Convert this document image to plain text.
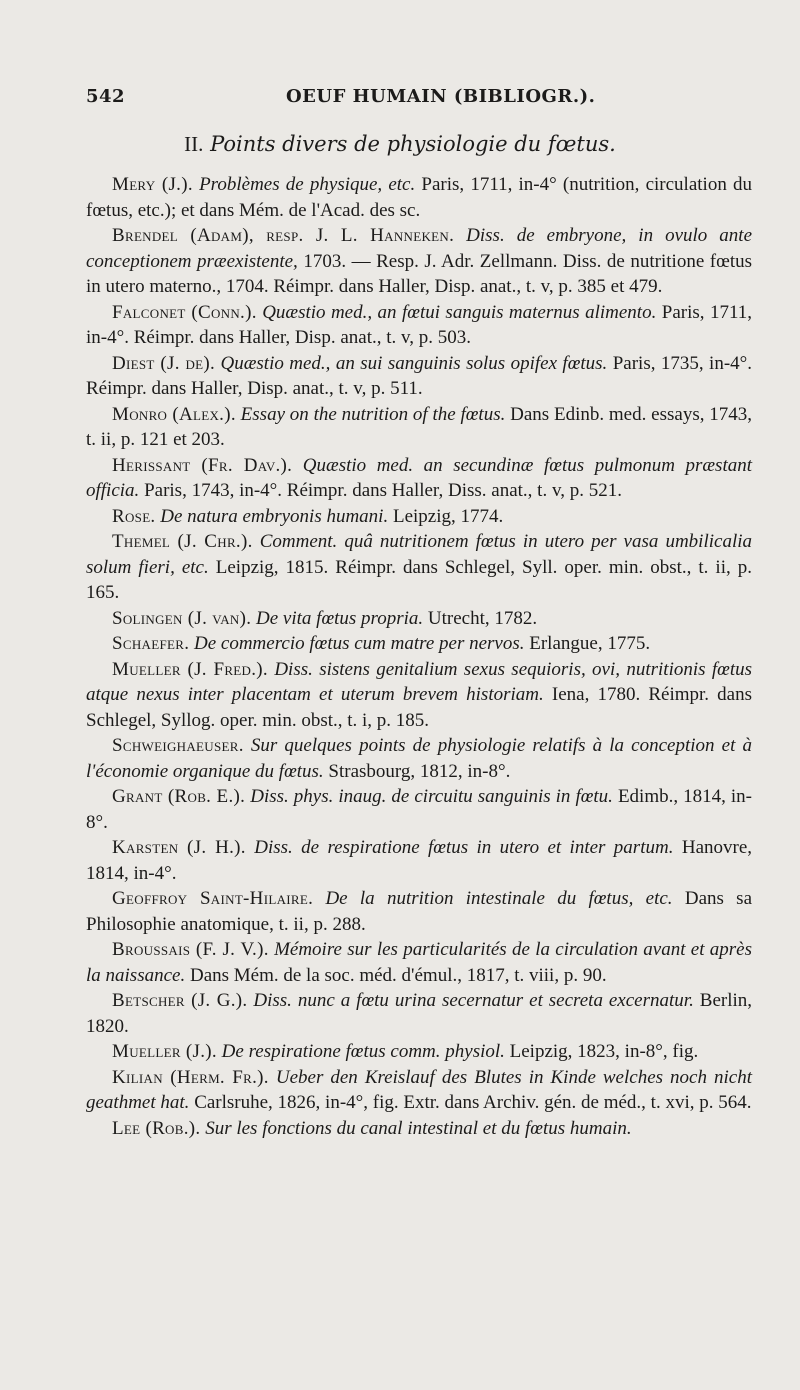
542	OEUF HUMAIN (BIBLIOGR.).
II. Points divers de physiologie du fœtus.

Mery (J.). Problèmes de physique, etc. Paris, 1711, in-4° (nutrition, circulation du fœtus, etc.); et dans Mém. de l'Acad. des sc.

Brendel (Adam), resp. J. L. Hanneken. Diss. de embryone, in ovulo ante conceptionem præexistente, 1703. — Resp. J. Adr. Zellmann. Diss. de nutritione fœtus in utero materno., 1704. Réimpr. dans Haller, Disp. anat., t. v, p. 385 et 479.

Falconet (Conn.). Quæstio med., an fœtui sanguis maternus alimento. Paris, 1711, in-4°. Réimpr. dans Haller, Disp. anat., t. v, p. 503.

Diest (J. de). Quæstio med., an sui sanguinis solus opifex fœtus. Paris, 1735, in-4°. Réimpr. dans Haller, Disp. anat., t. v, p. 511.

Monro (Alex.). Essay on the nutrition of the fœtus. Dans Edinb. med. essays, 1743, t. ii, p. 121 et 203.

Herissant (Fr. Dav.). Quæstio med. an secundinæ fœtus pulmonum præstant officia. Paris, 1743, in-4°. Réimpr. dans Haller, Diss. anat., t. v, p. 521.

Rose. De natura embryonis humani. Leipzig, 1774.

Themel (J. Chr.). Comment. quâ nutritionem fœtus in utero per vasa umbilicalia solum fieri, etc. Leipzig, 1815. Réimpr. dans Schlegel, Syll. oper. min. obst., t. ii, p. 165.

Solingen (J. van). De vita fœtus propria. Utrecht, 1782.

Schaefer. De commercio fœtus cum matre per nervos. Erlangue, 1775.

Mueller (J. Fred.). Diss. sistens genitalium sexus sequioris, ovi, nutritionis fœtus atque nexus inter placentam et uterum brevem historiam. Iena, 1780. Réimpr. dans Schlegel, Syllog. oper. min. obst., t. i, p. 185.

Schweighaeuser. Sur quelques points de physiologie relatifs à la conception et à l'économie organique du fœtus. Strasbourg, 1812, in-8°.

Grant (Rob. E.). Diss. phys. inaug. de circuitu sanguinis in fœtu. Edimb., 1814, in-8°.

Karsten (J. H.). Diss. de respiratione fœtus in utero et inter partum. Hanovre, 1814, in-4°.

Geoffroy Saint-Hilaire. De la nutrition intestinale du fœtus, etc. Dans sa Philosophie anatomique, t. ii, p. 288.

Broussais (F. J. V.). Mémoire sur les particularités de la circulation avant et après la naissance. Dans Mém. de la soc. méd. d'émul., 1817, t. viii, p. 90.

Betscher (J. G.). Diss. nunc a fœtu urina secernatur et secreta excernatur. Berlin, 1820.

Mueller (J.). De respiratione fœtus comm. physiol. Leipzig, 1823, in-8°, fig.

Kilian (Herm. Fr.). Ueber den Kreislauf des Blutes in Kinde welches noch nicht geathmet hat. Carlsruhe, 1826, in-4°, fig. Extr. dans Archiv. gén. de méd., t. xvi, p. 564.

Lee (Rob.). Sur les fonctions du canal intestinal et du fœtus humain.
